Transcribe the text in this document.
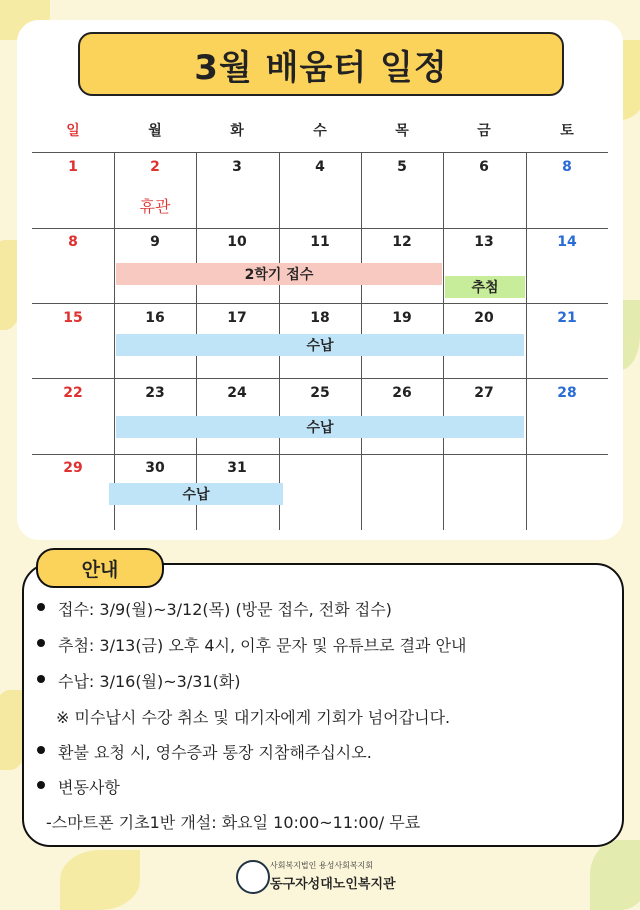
3월 배움터 일정
일	월	화	수	목	금	토
1	2	3	4	5	6	8
휴관
8	9	10	11	12	13	14
2학기 접수
추첨
15	16	17	18	19	20	21
수납
22	23	24	25	26	27	28
수납
29	30	31
수납
안내
접수: 3/9(월)~3/12(목) (방문 접수, 전화 접수)
추첨: 3/13(금) 오후 4시, 이후 문자 및 유튜브로 결과 안내
수납: 3/16(월)~3/31(화)
※ 미수납시 수강 취소 및 대기자에게 기회가 넘어갑니다.
환불 요청 시, 영수증과 통장 지참해주십시오.
변동사항
-스마트폰 기초1반 개설: 화요일 10:00~11:00/ 무료
사회복지법인 용성사회복지회
동구자성대노인복지관
